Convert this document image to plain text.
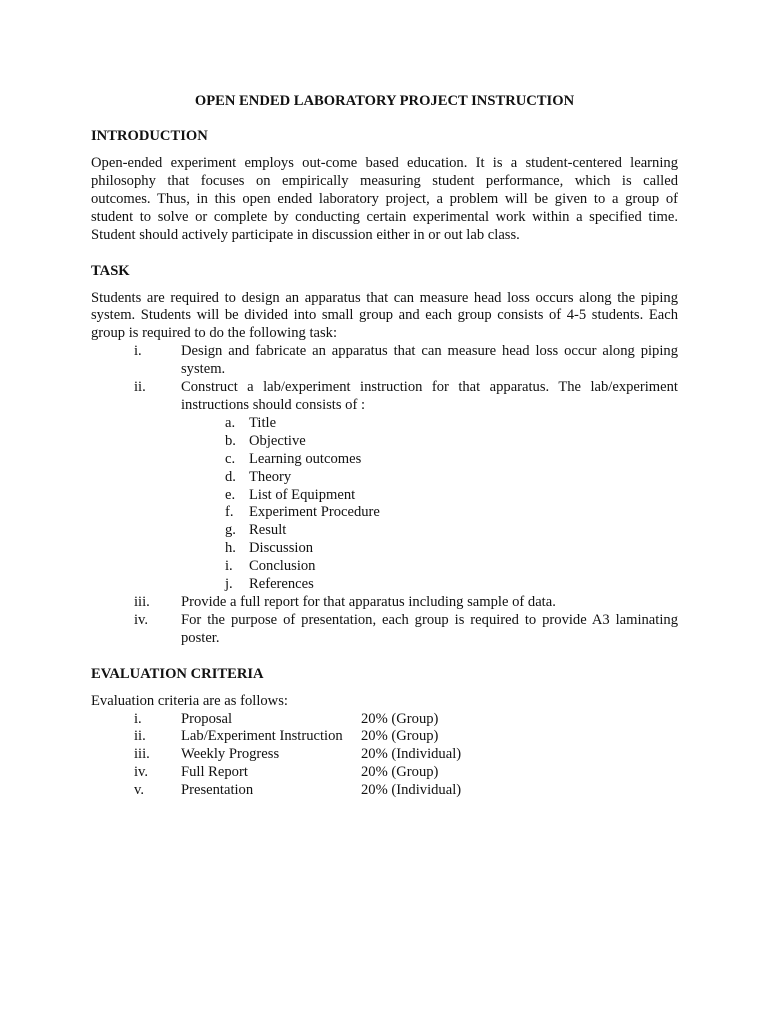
OPEN ENDED LABORATORY PROJECT INSTRUCTION

INTRODUCTION

Open-ended experiment employs out-come based education. It is a student-centered learning
philosophy that focuses on empirically measuring student performance, which is called
outcomes. Thus, in this open ended laboratory project, a problem will be given to a group of
student to solve or complete by conducting certain experimental work within a specified time.
Student should actively participate in discussion either in or out lab class.

TASK

Students are required to design an apparatus that can measure head loss occurs along the piping
system. Students will be divided into small group and each group consists of 4-5 students. Each
group is required to do the following task:

i.	Design and fabricate an apparatus that can measure head loss occur along piping
system.
ii.	Construct a lab/experiment instruction for that apparatus. The lab/experiment
instructions should consists of :
a. Title
b. Objective
c. Learning outcomes
d. Theory
e. List of Equipment
f.	Experiment Procedure
g. Result
h. Discussion
i.	Conclusion
j.	References
iii.	Provide a full report for that apparatus including sample of data.
iv.	For the purpose of presentation, each group is required to provide A3 laminating
poster.

EVALUATION CRITERIA

Evaluation criteria are as follows:

i.	Proposal	20% (Group)
ii.	Lab/Experiment Instruction	20% (Group)
iii.	Weekly Progress	20% (Individual)
iv.	Full Report	20% (Group)
v.	Presentation	20% (Individual)
